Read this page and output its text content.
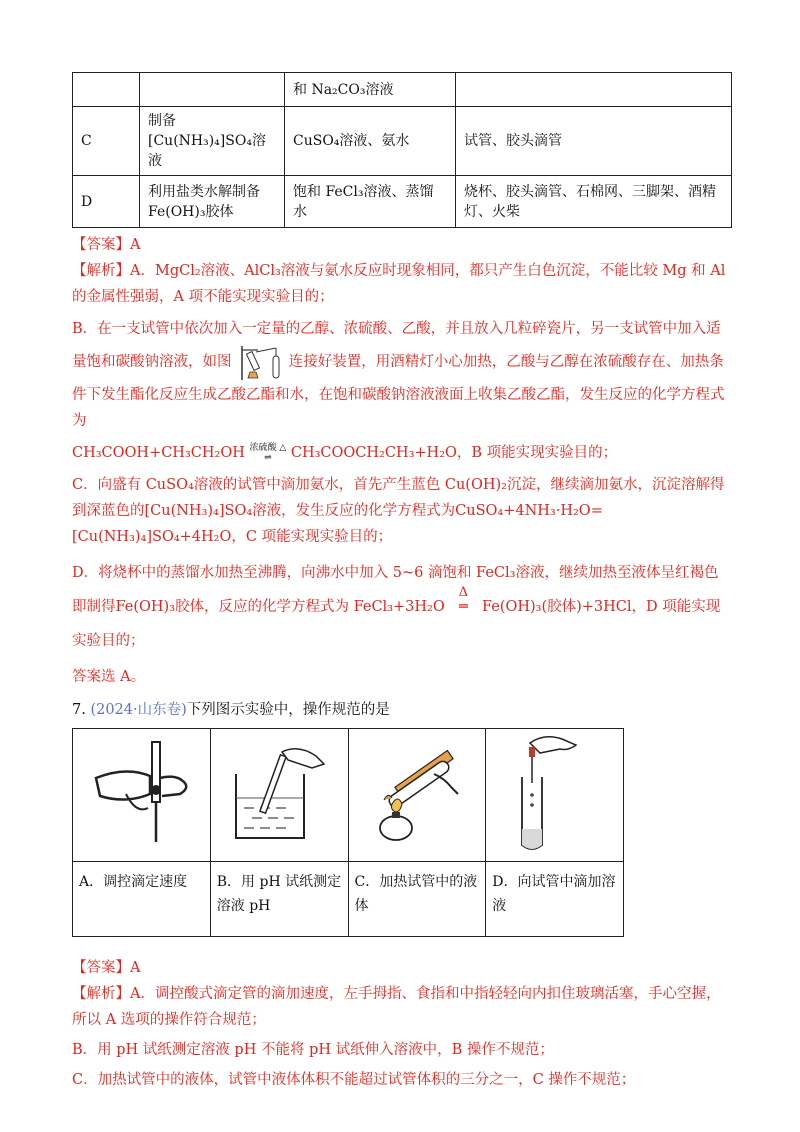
		和 Na₂CO₃溶液	
C	制备[Cu(NH₃)₄]SO₄溶液	CuSO₄溶液、氨水	试管、胶头滴管
D	利用盐类水解制备Fe(OH)₃胶体	饱和 FeCl₃溶液、蒸馏水	烧杯、胶头滴管、石棉网、三脚架、酒精灯、火柴

【答案】A

【解析】A．MgCl₂溶液、AlCl₃溶液与氨水反应时现象相同，都只产生白色沉淀，不能比较 Mg 和 Al 的金属性强弱，A 项不能实现实验目的；

B．在一支试管中依次加入一定量的乙醇、浓硫酸、乙酸，并且放入几粒碎瓷片，另一支试管中加入适量饱和碳酸钠溶液，如图	连接好装置，用酒精灯小心加热，乙酸与乙醇在浓硫酸存在、加热条件下发生酯化反应生成乙酸乙酯和水，在饱和碳酸钠溶液液面上收集乙酸乙酯，发生反应的化学方程式为

CH₃COOH+CH₃CH₂OH 浓硫酸 △
⇌ CH₃COOCH₂CH₃+H₂O，B 项能实现实验目的；

C．向盛有 CuSO₄溶液的试管中滴加氨水，首先产生蓝色 Cu(OH)₂沉淀，继续滴加氨水，沉淀溶解得到深蓝色的[Cu(NH₃)₄]SO₄溶液，发生反应的化学方程式为CuSO₄+4NH₃·H₂O=[Cu(NH₃)₄]SO₄+4H₂O，C 项能实现实验目的；

D．将烧杯中的蒸馏水加热至沸腾，向沸水中加入 5~6 滴饱和 FeCl₃溶液，继续加热至液体呈红褐色即制得Fe(OH)₃胶体，反应的化学方程式为 FeCl₃+3H₂O
Δ
═ Fe(OH)₃(胶体)+3HCl，D 项能实现实验目的；

答案选 A。

7. (2024·山东卷)下列图示实验中，操作规范的是

A．调控滴定速度	B．用 pH 试纸测定溶液 pH	C．加热试管中的液体	D．向试管中滴加溶液

【答案】A

【解析】A．调控酸式滴定管的滴加速度，左手拇指、食指和中指轻轻向内扣住玻璃活塞，手心空握，所以 A 选项的操作符合规范；

B．用 pH 试纸测定溶液 pH 不能将 pH 试纸伸入溶液中，B 操作不规范；

C．加热试管中的液体，试管中液体体积不能超过试管体积的三分之一，C 操作不规范；
